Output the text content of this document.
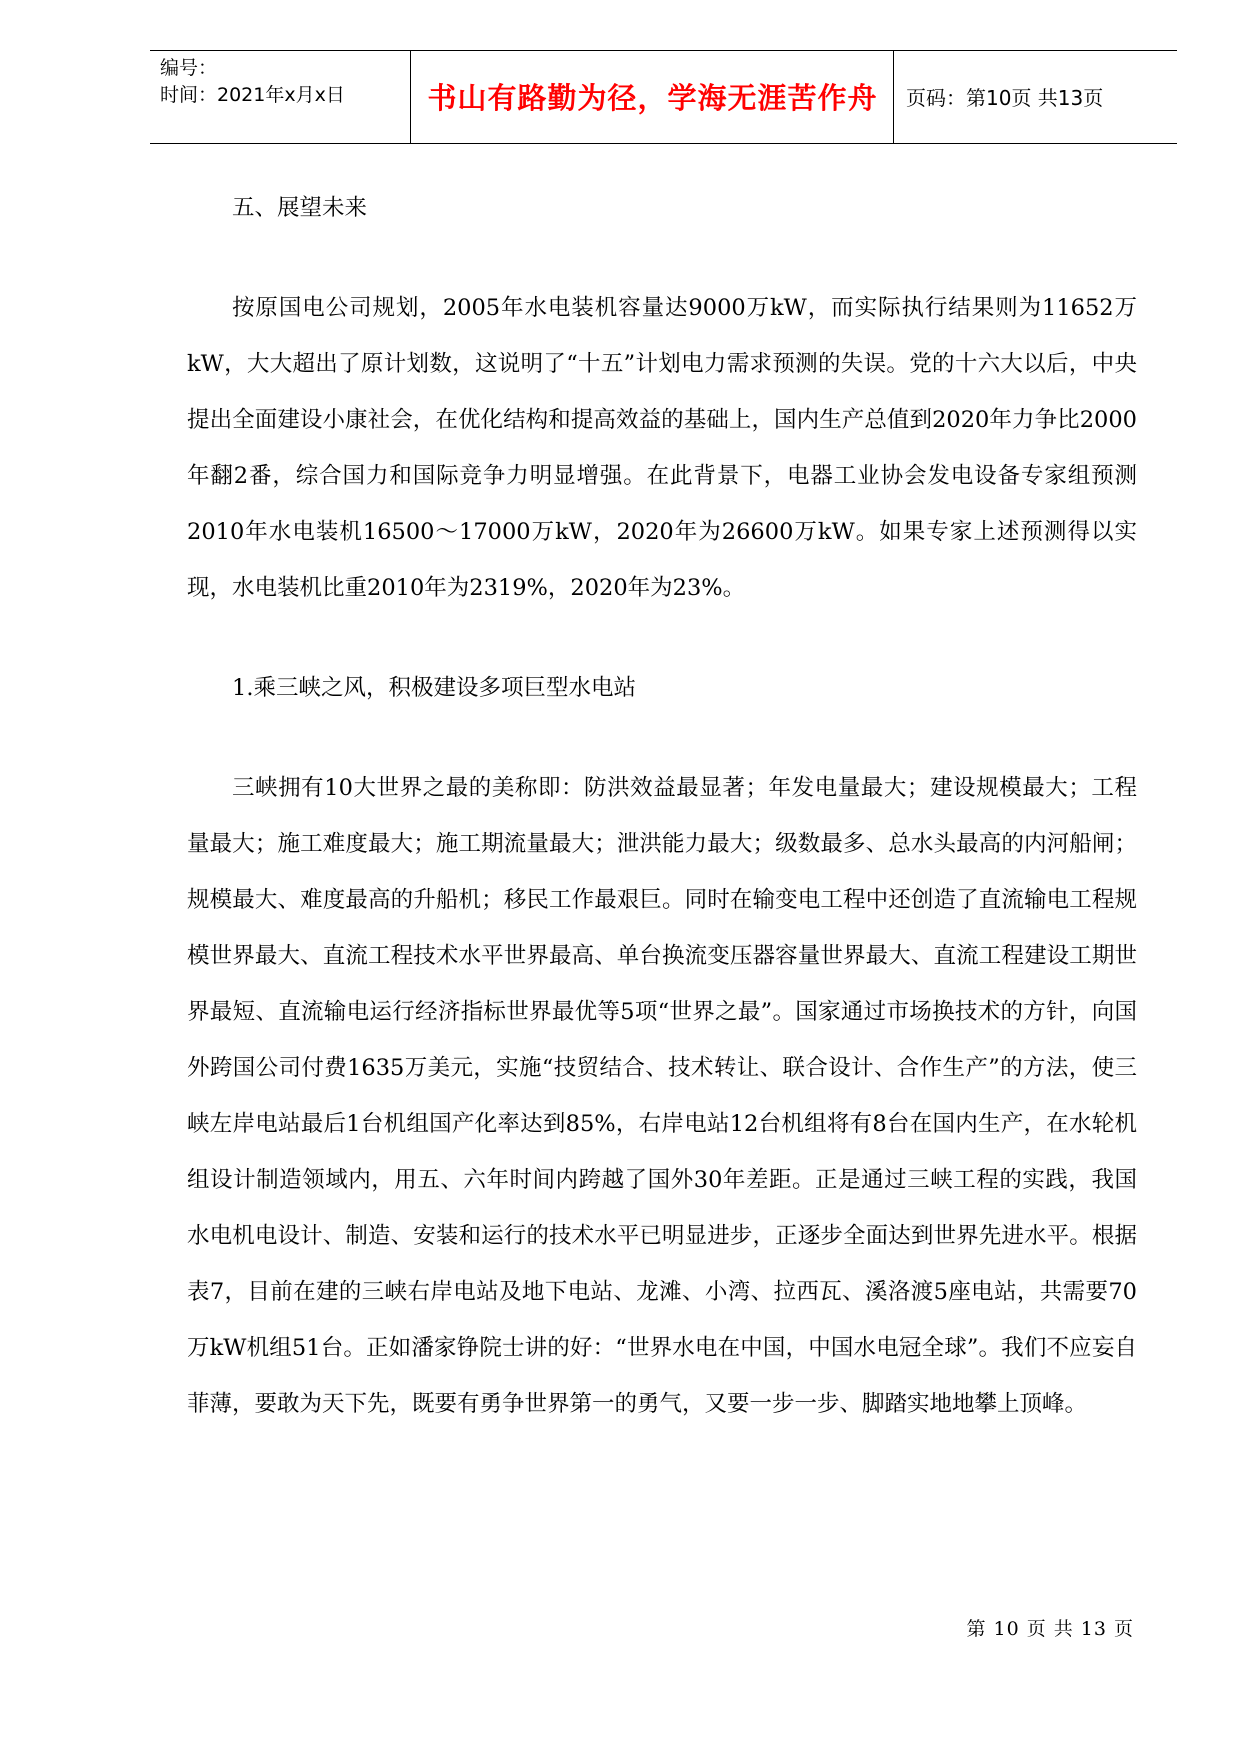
编号：
时间：2021年x月x日	书山有路勤为径，学海无涯苦作舟	页码：第10页 共13页

五、展望未来

按原国电公司规划，2005年水电装机容量达9000万kW，而实际执行结果则为11652万kW，大大超出了原计划数，这说明了“十五”计划电力需求预测的失误。党的十六大以后，中央提出全面建设小康社会，在优化结构和提高效益的基础上，国内生产总值到2020年力争比2000年翻2番，综合国力和国际竞争力明显增强。在此背景下，电器工业协会发电设备专家组预测2010年水电装机16500～17000万kW，2020年为26600万kW。如果专家上述预测得以实现，水电装机比重2010年为2319%，2020年为23%。

1.乘三峡之风，积极建设多项巨型水电站

三峡拥有10大世界之最的美称即：防洪效益最显著；年发电量最大；建设规模最大；工程量最大；施工难度最大；施工期流量最大；泄洪能力最大；级数最多、总水头最高的内河船闸；规模最大、难度最高的升船机；移民工作最艰巨。同时在输变电工程中还创造了直流输电工程规模世界最大、直流工程技术水平世界最高、单台换流变压器容量世界最大、直流工程建设工期世界最短、直流输电运行经济指标世界最优等5项“世界之最”。国家通过市场换技术的方针，向国外跨国公司付费1635万美元，实施“技贸结合、技术转让、联合设计、合作生产”的方法，使三峡左岸电站最后1台机组国产化率达到85%，右岸电站12台机组将有8台在国内生产，在水轮机组设计制造领域内，用五、六年时间内跨越了国外30年差距。正是通过三峡工程的实践，我国水电机电设计、制造、安装和运行的技术水平已明显进步，正逐步全面达到世界先进水平。根据表7，目前在建的三峡右岸电站及地下电站、龙滩、小湾、拉西瓦、溪洛渡5座电站，共需要70万kW机组51台。正如潘家铮院士讲的好：“世界水电在中国，中国水电冠全球”。我们不应妄自菲薄，要敢为天下先，既要有勇争世界第一的勇气，又要一步一步、脚踏实地地攀上顶峰。

第 10 页 共 13 页
